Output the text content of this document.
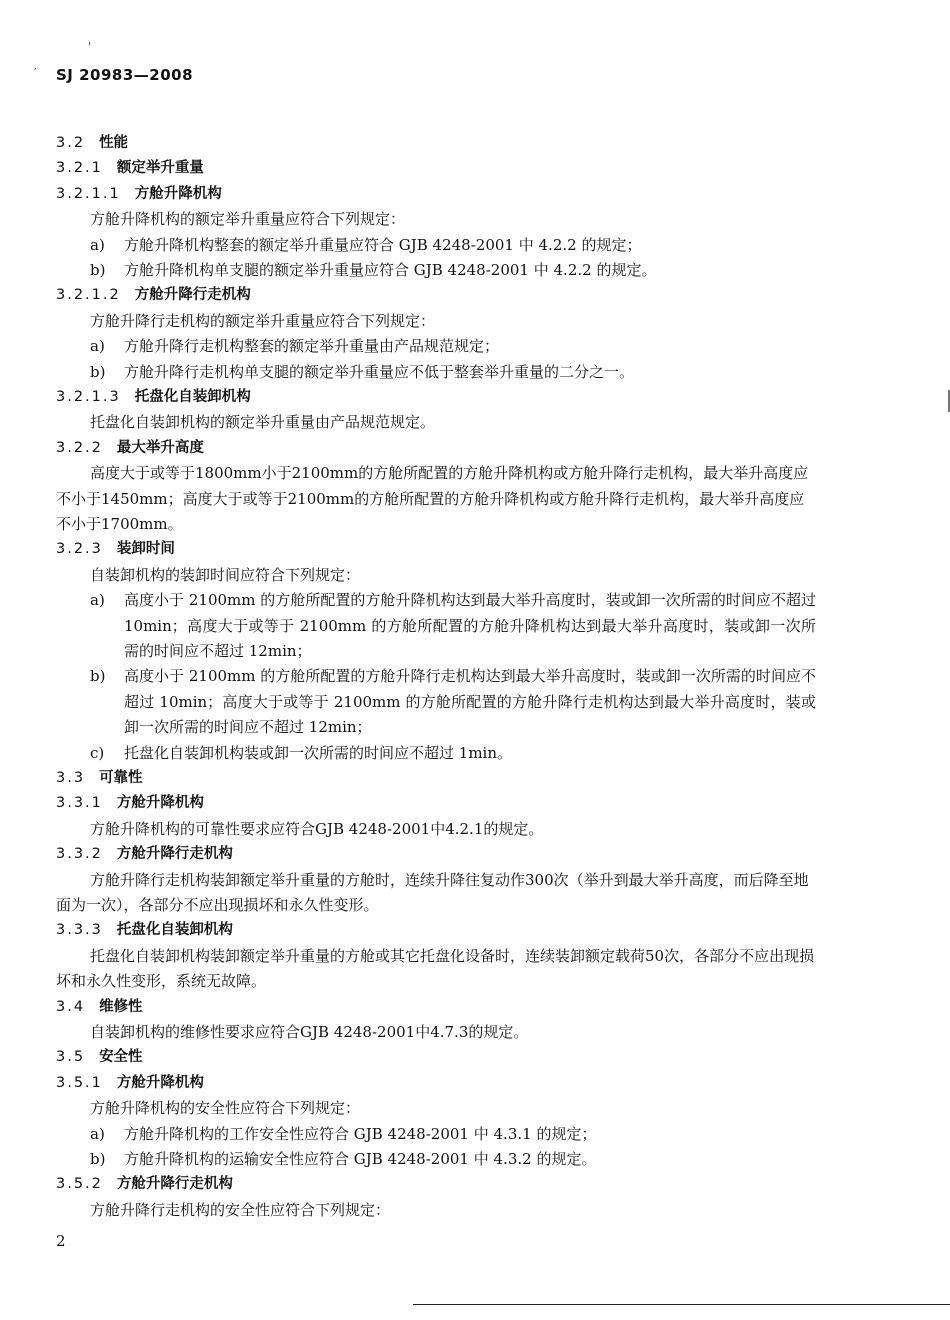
'
′ SJ 20983—2008
3.2 性能
3.2.1 额定举升重量
3.2.1.1 方舱升降机构
方舱升降机构的额定举升重量应符合下列规定：
a)	方舱升降机构整套的额定举升重量应符合 GJB 4248-2001 中 4.2.2 的规定；
b)	方舱升降机构单支腿的额定举升重量应符合 GJB 4248-2001 中 4.2.2 的规定。
3.2.1.2 方舱升降行走机构
方舱升降行走机构的额定举升重量应符合下列规定：
a)	方舱升降行走机构整套的额定举升重量由产品规范规定；
b)	方舱升降行走机构单支腿的额定举升重量应不低于整套举升重量的二分之一。
3.2.1.3 托盘化自装卸机构
托盘化自装卸机构的额定举升重量由产品规范规定。
3.2.2 最大举升高度
高度大于或等于1800mm小于2100mm的方舱所配置的方舱升降机构或方舱升降行走机构，最大举升高度应不小于1450mm；高度大于或等于2100mm的方舱所配置的方舱升降机构或方舱升降行走机构，最大举升高度应不小于1700mm。
3.2.3 装卸时间
自装卸机构的装卸时间应符合下列规定：
a)	高度小于 2100mm 的方舱所配置的方舱升降机构达到最大举升高度时，装或卸一次所需的时间应不超过 10min；高度大于或等于 2100mm 的方舱所配置的方舱升降机构达到最大举升高度时，装或卸一次所需的时间应不超过 12min；
b)	高度小于 2100mm 的方舱所配置的方舱升降行走机构达到最大举升高度时，装或卸一次所需的时间应不超过 10min；高度大于或等于 2100mm 的方舱所配置的方舱升降行走机构达到最大举升高度时，装或卸一次所需的时间应不超过 12min；
c)	托盘化自装卸机构装或卸一次所需的时间应不超过 1min。
3.3 可靠性
3.3.1 方舱升降机构
方舱升降机构的可靠性要求应符合GJB 4248-2001中4.2.1的规定。
3.3.2 方舱升降行走机构
方舱升降行走机构装卸额定举升重量的方舱时，连续升降往复动作300次（举升到最大举升高度，而后降至地面为一次），各部分不应出现损坏和永久性变形。
3.3.3 托盘化自装卸机构
托盘化自装卸机构装卸额定举升重量的方舱或其它托盘化设备时，连续装卸额定载荷50次，各部分不应出现损坏和永久性变形，系统无故障。
3.4 维修性
自装卸机构的维修性要求应符合GJB 4248-2001中4.7.3的规定。
3.5 安全性
3.5.1 方舱升降机构
方舱升降机构的安全性应符合下列规定：
a)	方舱升降机构的工作安全性应符合 GJB 4248-2001 中 4.3.1 的规定；
b)	方舱升降机构的运输安全性应符合 GJB 4248-2001 中 4.3.2 的规定。
3.5.2 方舱升降行走机构
方舱升降行走机构的安全性应符合下列规定：
2
